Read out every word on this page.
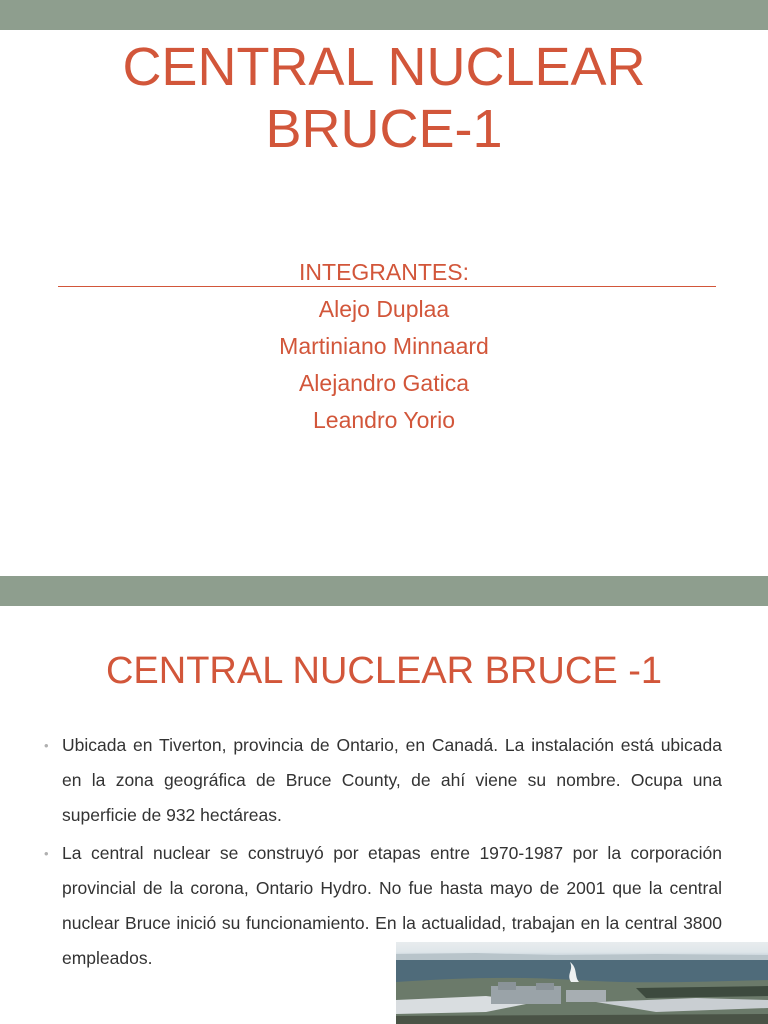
CENTRAL NUCLEAR
BRUCE-1
INTEGRANTES:
Alejo Duplaa
Martiniano Minnaard
Alejandro Gatica
Leandro Yorio
CENTRAL NUCLEAR BRUCE -1
• Ubicada en Tiverton, provincia de Ontario, en Canadá. La instalación está ubicada en la zona geográfica de Bruce County, de ahí viene su nombre. Ocupa una superficie de 932 hectáreas.
• La central nuclear se construyó por etapas entre 1970-1987 por la corporación provincial de la corona, Ontario Hydro. No fue hasta mayo de 2001 que la central nuclear Bruce inició su funcionamiento. En la actualidad, trabajan en la central 3800 empleados.
